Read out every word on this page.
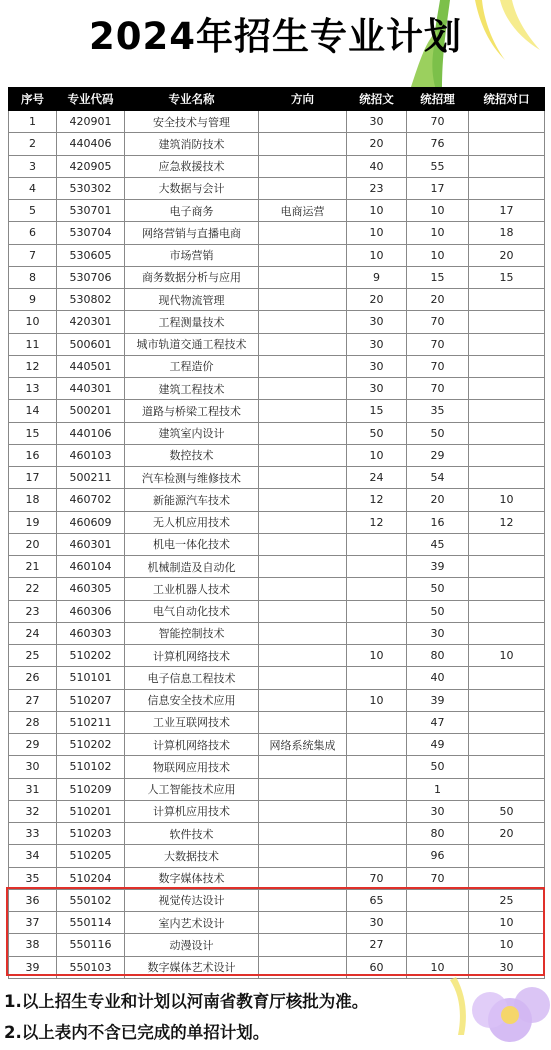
2024年招生专业计划
序号	专业代码	专业名称	方向	统招文	统招理	统招对口
1	420901	安全技术与管理		30	70	
2	440406	建筑消防技术		20	76	
3	420905	应急救援技术		40	55	
4	530302	大数据与会计		23	17	
5	530701	电子商务	电商运营	10	10	17
6	530704	网络营销与直播电商		10	10	18
7	530605	市场营销		10	10	20
8	530706	商务数据分析与应用		9	15	15
9	530802	现代物流管理		20	20	
10	420301	工程测量技术		30	70	
11	500601	城市轨道交通工程技术		30	70	
12	440501	工程造价		30	70	
13	440301	建筑工程技术		30	70	
14	500201	道路与桥梁工程技术		15	35	
15	440106	建筑室内设计		50	50	
16	460103	数控技术		10	29	
17	500211	汽车检测与维修技术		24	54	
18	460702	新能源汽车技术		12	20	10
19	460609	无人机应用技术		12	16	12
20	460301	机电一体化技术			45	
21	460104	机械制造及自动化			39	
22	460305	工业机器人技术			50	
23	460306	电气自动化技术			50	
24	460303	智能控制技术			30	
25	510202	计算机网络技术		10	80	10
26	510101	电子信息工程技术			40	
27	510207	信息安全技术应用		10	39	
28	510211	工业互联网技术			47	
29	510202	计算机网络技术	网络系统集成		49	
30	510102	物联网应用技术			50	
31	510209	人工智能技术应用			1	
32	510201	计算机应用技术			30	50
33	510203	软件技术			80	20
34	510205	大数据技术			96	
35	510204	数字媒体技术		70	70	
36	550102	视觉传达设计		65		25
37	550114	室内艺术设计		30		10
38	550116	动漫设计		27		10
39	550103	数字媒体艺术设计		60	10	30
1.以上招生专业和计划以河南省教育厅核批为准。
2.以上表内不含已完成的单招计划。
